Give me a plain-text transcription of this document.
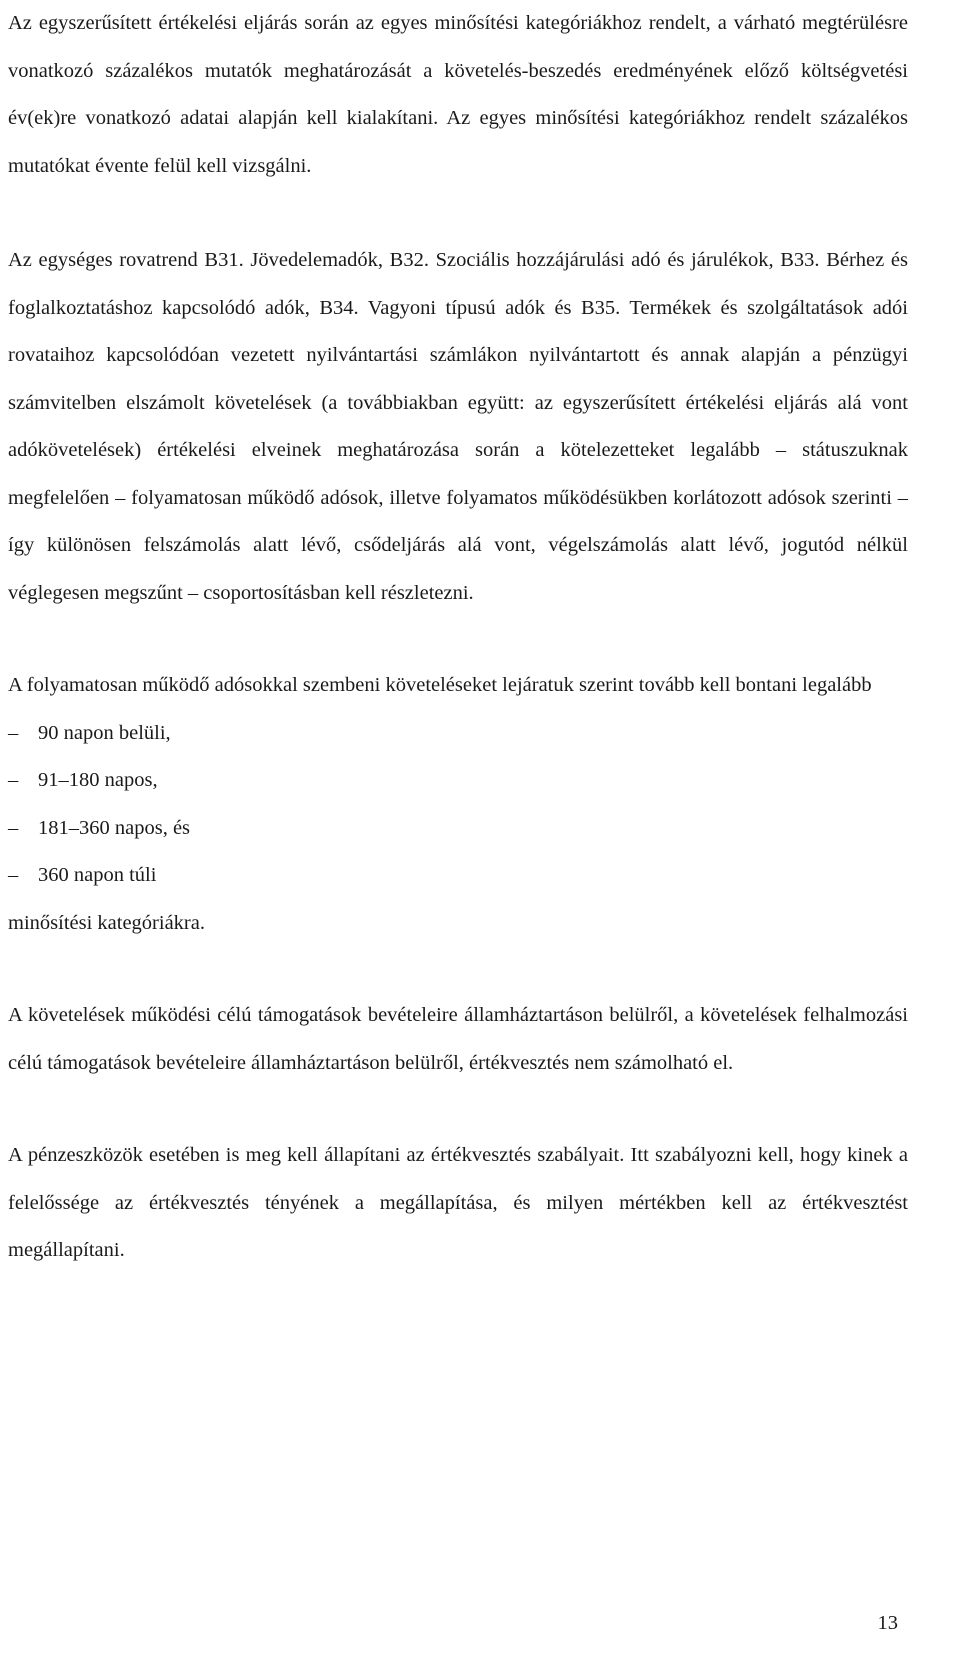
Az egyszerűsített értékelési eljárás során az egyes minősítési kategóriákhoz rendelt, a várható megtérülésre vonatkozó százalékos mutatók meghatározását a követelés-beszedés eredményének előző költségvetési év(ek)re vonatkozó adatai alapján kell kialakítani. Az egyes minősítési kategóriákhoz rendelt százalékos mutatókat évente felül kell vizsgálni.

Az egységes rovatrend B31. Jövedelemadók, B32. Szociális hozzájárulási adó és járulékok, B33. Bérhez és foglalkoztatáshoz kapcsolódó adók, B34. Vagyoni típusú adók és B35. Termékek és szolgáltatások adói rovataihoz kapcsolódóan vezetett nyilvántartási számlákon nyilvántartott és annak alapján a pénzügyi számvitelben elszámolt követelések (a továbbiakban együtt: az egyszerűsített értékelési eljárás alá vont adókövetelések) értékelési elveinek meghatározása során a kötelezetteket legalább – státuszuknak megfelelően – folyamatosan működő adósok, illetve folyamatos működésükben korlátozott adósok szerinti – így különösen felszámolás alatt lévő, csődeljárás alá vont, végelszámolás alatt lévő, jogutód nélkül véglegesen megszűnt – csoportosításban kell részletezni.

A folyamatosan működő adósokkal szembeni követeléseket lejáratuk szerint tovább kell bontani legalább

– 90 napon belüli,
– 91–180 napos,
– 181–360 napos, és
– 360 napon túli

minősítési kategóriákra.

A követelések működési célú támogatások bevételeire államháztartáson belülről, a követelések felhalmozási célú támogatások bevételeire államháztartáson belülről, értékvesztés nem számolható el.

A pénzeszközök esetében is meg kell állapítani az értékvesztés szabályait. Itt szabályozni kell, hogy kinek a felelőssége az értékvesztés tényének a megállapítása, és milyen mértékben kell az értékvesztést megállapítani.

13
